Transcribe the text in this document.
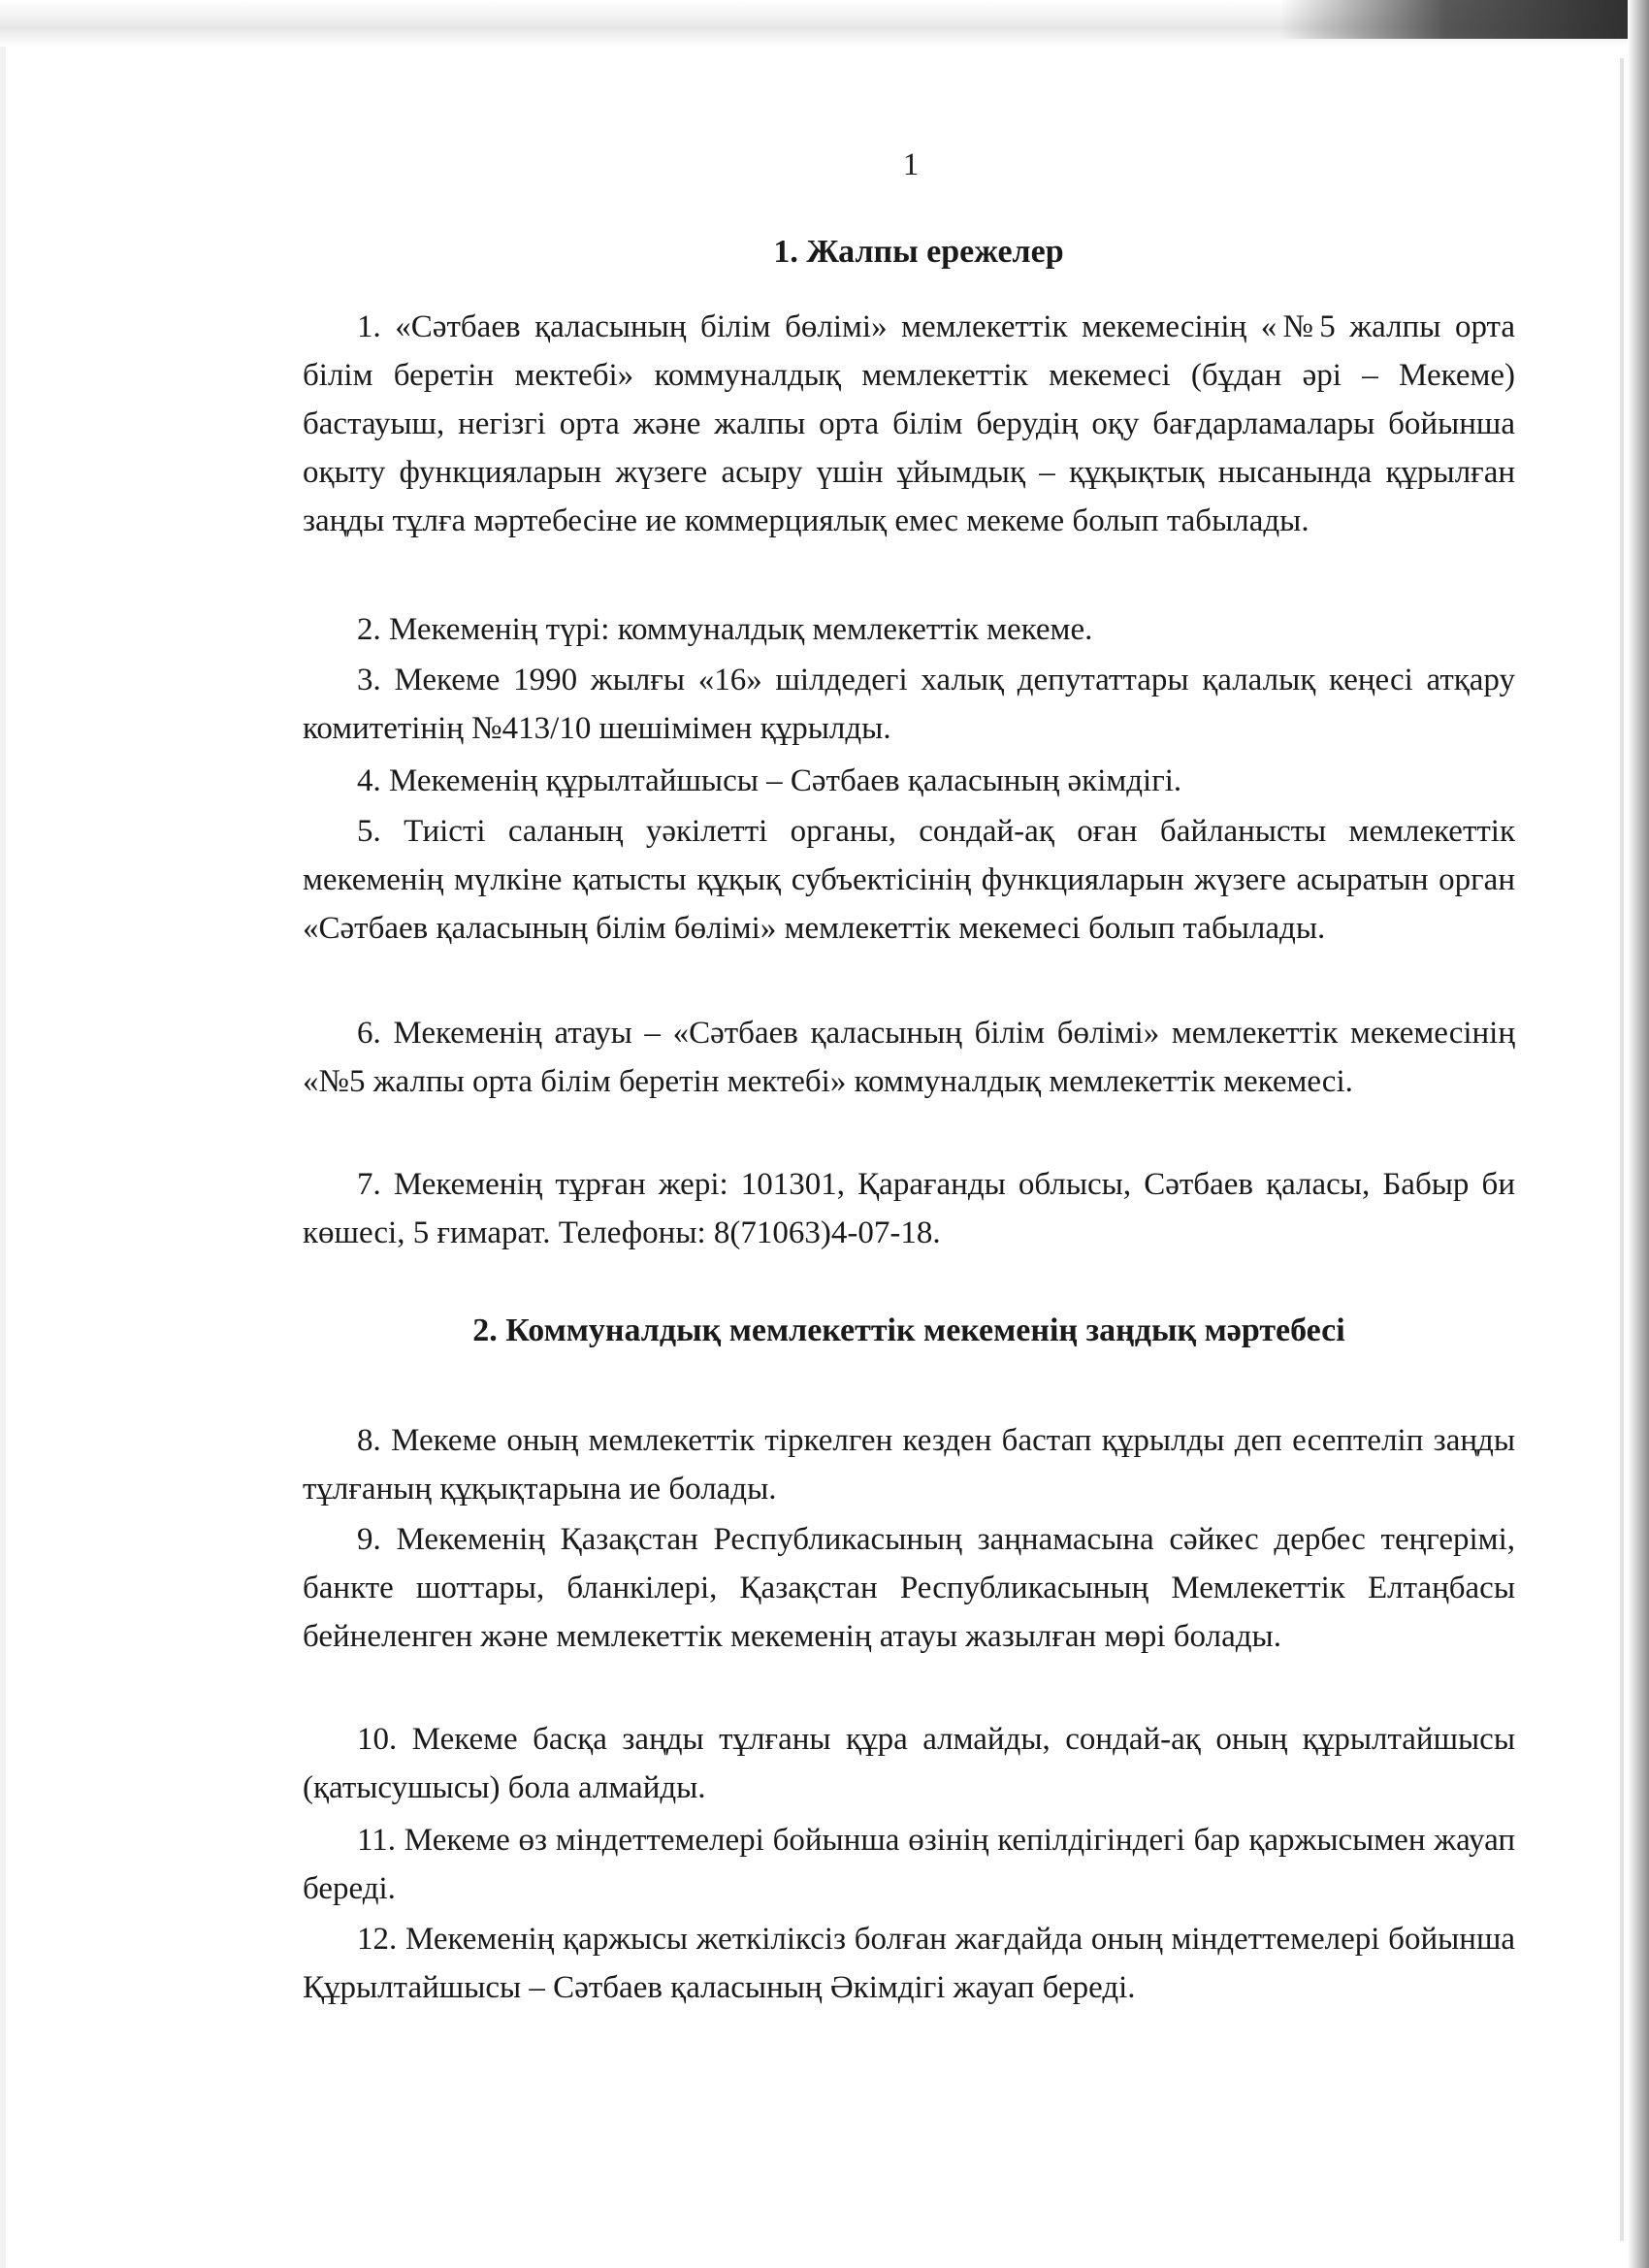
1
1. Жалпы ережелер

1. «Сәтбаев қаласының білім бөлімі» мемлекеттік мекемесінің «№5 жалпы орта білім беретін мектебі» коммуналдық мемлекеттік мекемесі (бұдан әрі – Мекеме) бастауыш, негізгі орта және жалпы орта білім берудің оқу бағдарламалары бойынша оқыту функцияларын жүзеге асыру үшін ұйымдық – құқықтық нысанында құрылған заңды тұлға мәртебесіне ие коммерциялық емес мекеме болып табылады.

2. Мекеменің түрі: коммуналдық мемлекеттік мекеме.

3. Мекеме 1990 жылғы «16» шілдедегі халық депутаттары қалалық кеңесі атқару комитетінің №413/10 шешімімен құрылды.

4. Мекеменің құрылтайшысы – Сәтбаев қаласының әкімдігі.

5. Тиісті саланың уәкілетті органы, сондай-ақ оған байланысты мемлекеттік мекеменің мүлкіне қатысты құқық субъектісінің функцияларын жүзеге асыратын орган «Сәтбаев қаласының білім бөлімі» мемлекеттік мекемесі болып табылады.

6. Мекеменің атауы – «Сәтбаев қаласының білім бөлімі» мемлекеттік мекемесінің «№5 жалпы орта білім беретін мектебі» коммуналдық мемлекеттік мекемесі.

7. Мекеменің тұрған жері: 101301, Қарағанды облысы, Сәтбаев қаласы, Бабыр би көшесі, 5 ғимарат. Телефоны: 8(71063)4-07-18.

2. Коммуналдық мемлекеттік мекеменің заңдық мәртебесі

8. Мекеме оның мемлекеттік тіркелген кезден бастап құрылды деп есептеліп заңды тұлғаның құқықтарына ие болады.

9. Мекеменің Қазақстан Республикасының заңнамасына сәйкес дербес теңгерімі, банкте шоттары, бланкілері, Қазақстан Республикасының Мемлекеттік Елтаңбасы бейнеленген және мемлекеттік мекеменің атауы жазылған мөрі болады.

10. Мекеме басқа заңды тұлғаны құра алмайды, сондай-ақ оның құрылтайшысы (қатысушысы) бола алмайды.

11. Мекеме өз міндеттемелері бойынша өзінің кепілдігіндегі бар қаржысымен жауап береді.

12. Мекеменің қаржысы жеткіліксіз болған жағдайда оның міндеттемелері бойынша Құрылтайшысы – Сәтбаев қаласының Әкімдігі жауап береді.
